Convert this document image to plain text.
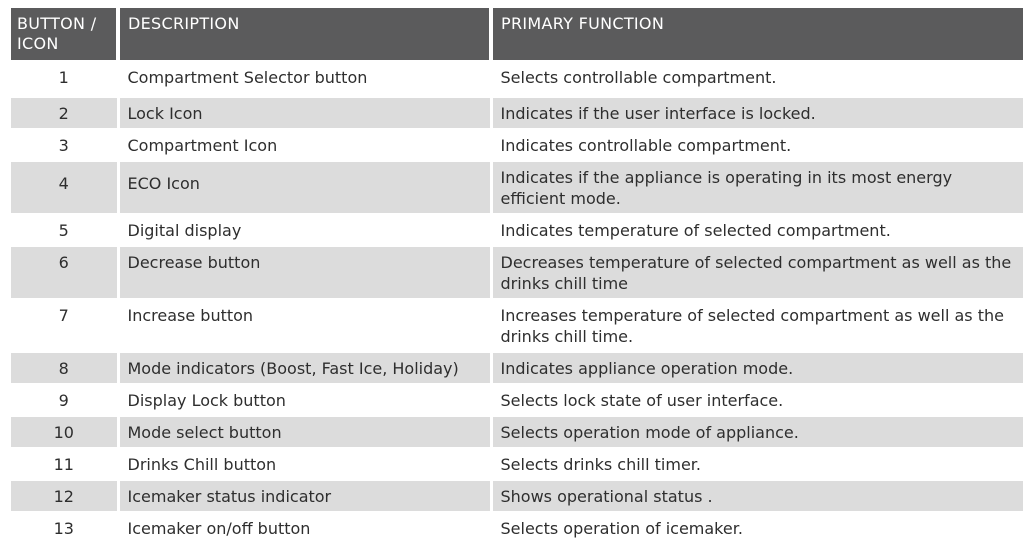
BUTTON / ICON	DESCRIPTION	PRIMARY FUNCTION
1	Compartment Selector button	Selects controllable compartment.
2	Lock Icon	Indicates if the user interface is locked.
3	Compartment Icon	Indicates controllable compartment.
4	ECO Icon	Indicates if the appliance is operating in its most energy efficient mode.
5	Digital display	Indicates temperature of selected compartment.
6	Decrease button	Decreases temperature of selected compartment as well as the drinks chill time
7	Increase button	Increases temperature of selected compartment as well as the drinks chill time.
8	Mode indicators (Boost, Fast Ice, Holiday)	Indicates appliance operation mode.
9	Display Lock button	Selects lock state of user interface.
10	Mode select button	Selects operation mode of appliance.
11	Drinks Chill button	Selects drinks chill timer.
12	Icemaker status indicator	Shows operational status .
13	Icemaker on/off button	Selects operation of icemaker.
